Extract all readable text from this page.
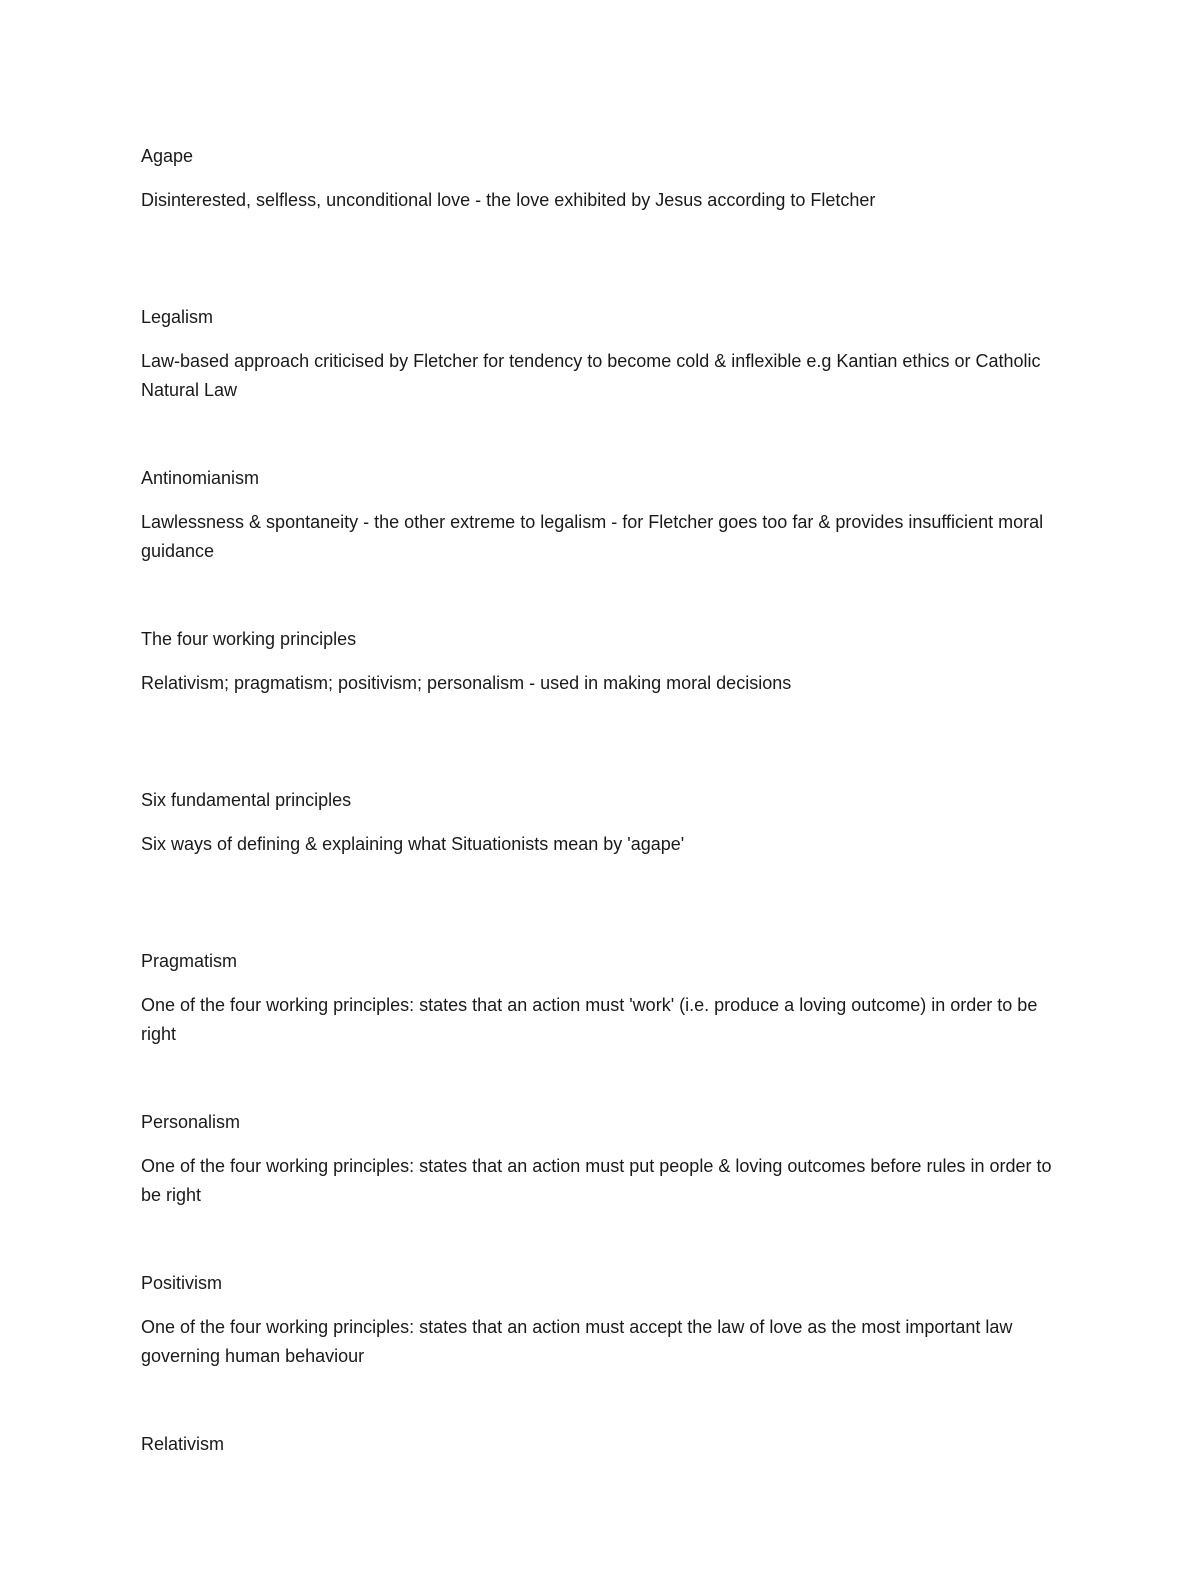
Agape

Disinterested, selfless, unconditional love - the love exhibited by Jesus according to Fletcher

Legalism

Law-based approach criticised by Fletcher for tendency to become cold & inflexible e.g Kantian ethics or Catholic Natural Law

Antinomianism

Lawlessness & spontaneity - the other extreme to legalism - for Fletcher goes too far & provides insufficient moral guidance

The four working principles

Relativism; pragmatism; positivism; personalism - used in making moral decisions

Six fundamental principles

Six ways of defining & explaining what Situationists mean by 'agape'

Pragmatism

One of the four working principles: states that an action must 'work' (i.e. produce a loving outcome) in order to be right

Personalism

One of the four working principles: states that an action must put people & loving outcomes before rules in order to be right

Positivism

One of the four working principles: states that an action must accept the law of love as the most important law governing human behaviour

Relativism
